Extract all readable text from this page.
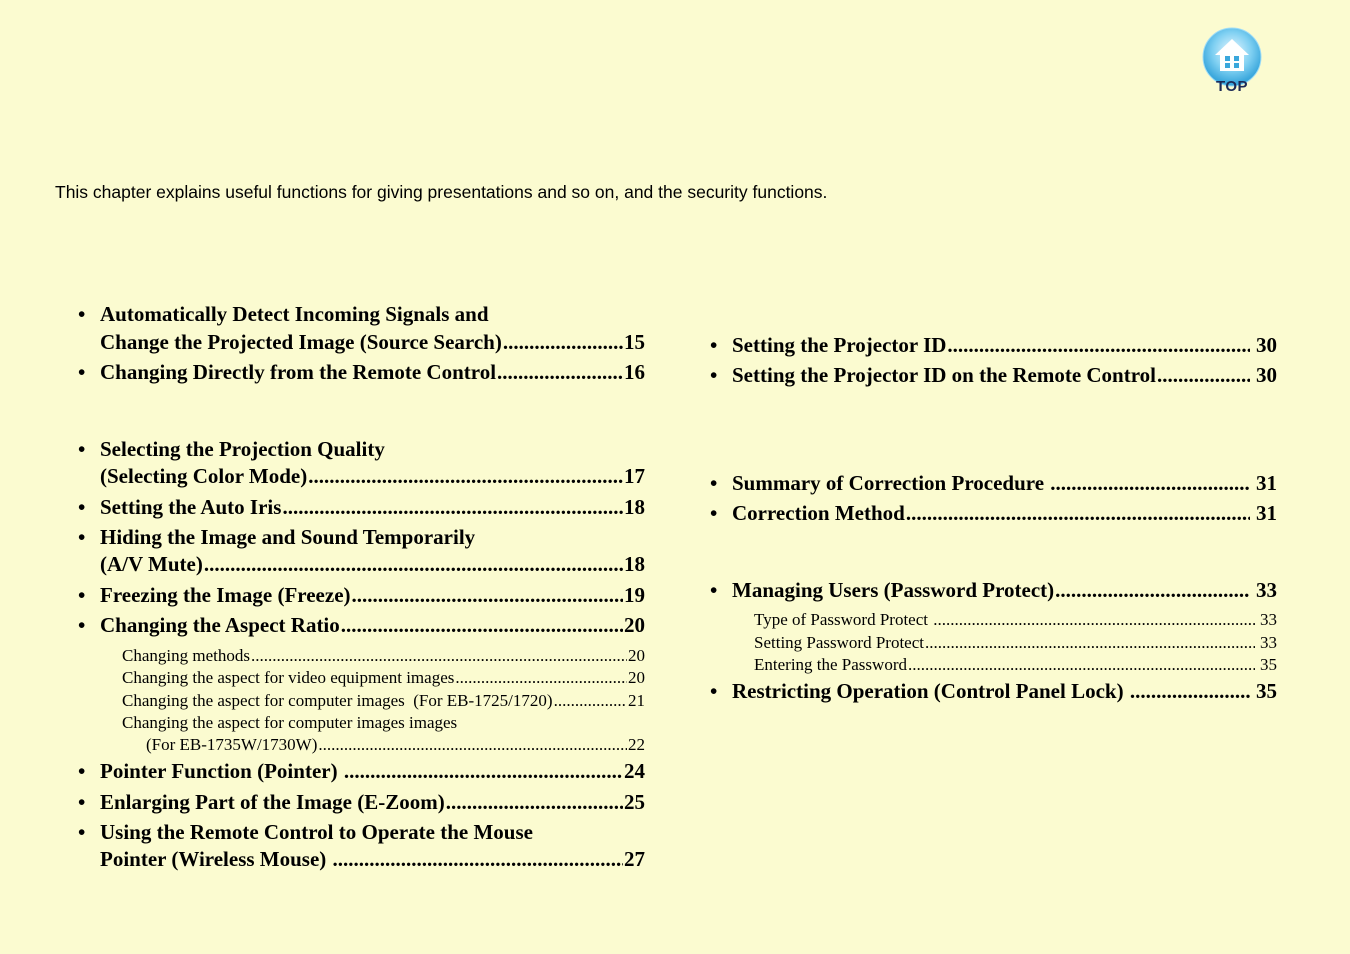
TOP
This chapter explains useful functions for giving presentations and so on, and the security functions.
• Automatically Detect Incoming Signals and
Change the Projected Image (Source Search) .....	15
• Changing Directly from the Remote Control .....	16
• Selecting the Projection Quality
(Selecting Color Mode) .....	17
• Setting the Auto Iris .....	18
• Hiding the Image and Sound Temporarily
(A/V Mute) .....	18
• Freezing the Image (Freeze) .....	19
• Changing the Aspect Ratio .....	20
Changing methods .....	20
Changing the aspect for video equipment images .....	20
Changing the aspect for computer images  (For EB-1725/1720) .....	21
Changing the aspect for computer images images
(For EB-1735W/1730W) .....	22
• Pointer Function (Pointer) .....	24
• Enlarging Part of the Image (E-Zoom) .....	25
• Using the Remote Control to Operate the Mouse
Pointer (Wireless Mouse) .....	27
• Setting the Projector ID .....	30
• Setting the Projector ID on the Remote Control .....	30
• Summary of Correction Procedure .....	31
• Correction Method .....	31
• Managing Users (Password Protect) .....	33
Type of Password Protect .....	33
Setting Password Protect .....	33
Entering the Password .....	35
• Restricting Operation (Control Panel Lock) .....	35
